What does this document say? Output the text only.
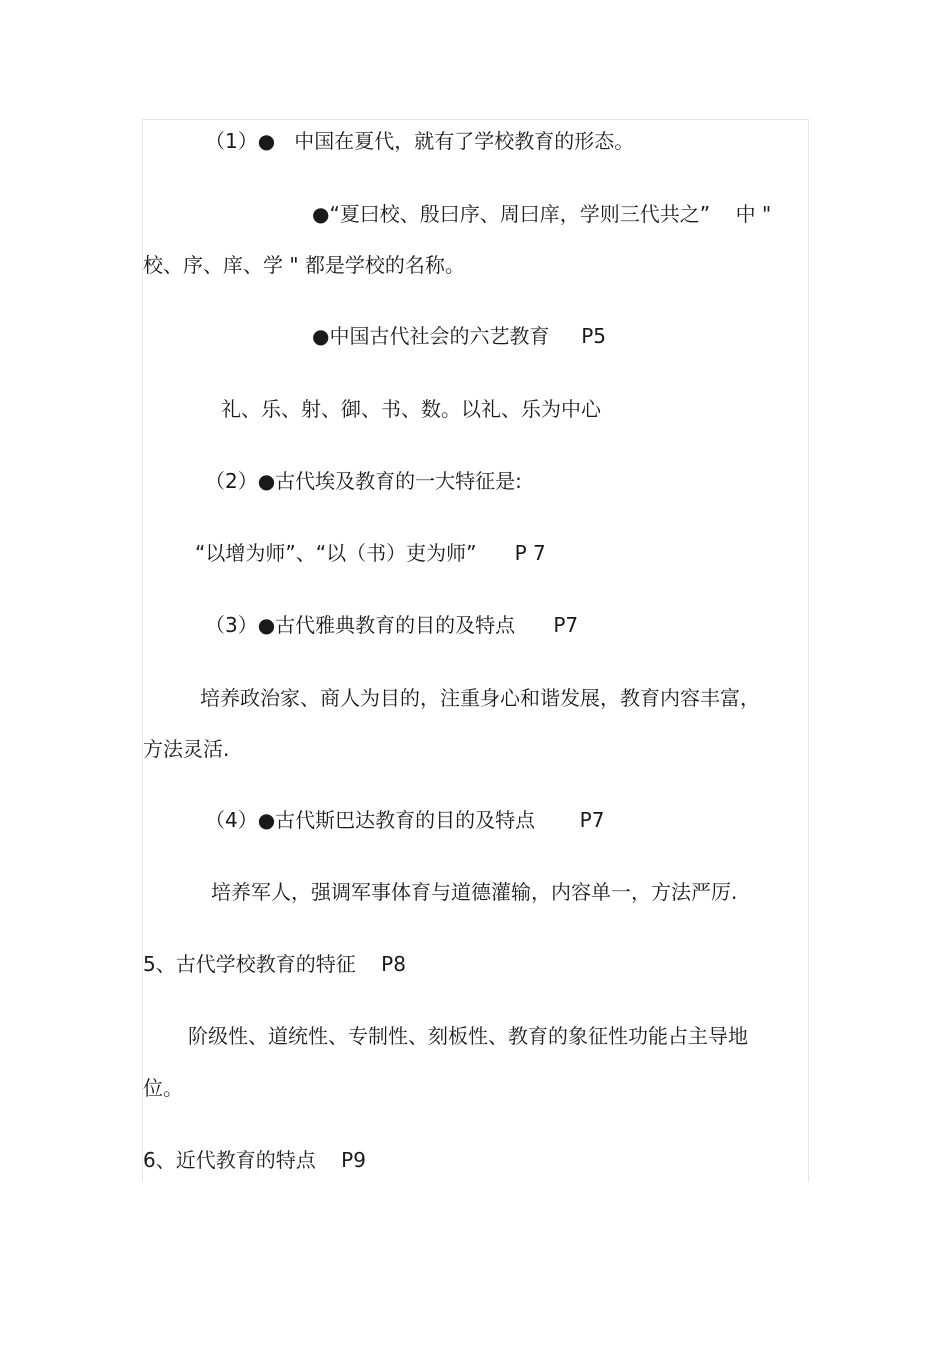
（1）●   中国在夏代，就有了学校教育的形态。
●“夏曰校、殷曰序、周曰庠，学则三代共之”    中 "
校、序、庠、学 " 都是学校的名称。
●中国古代社会的六艺教育     P5
礼、乐、射、御、书、数。以礼、乐为中心
（2）●古代埃及教育的一大特征是:
“以增为师”、“以（书）吏为师”      P 7
（3）●古代雅典教育的目的及特点      P7
培养政治家、商人为目的，注重身心和谐发展，教育内容丰富，
方法灵活.
（4）●古代斯巴达教育的目的及特点       P7
培养军人，强调军事体育与道德灌输，内容单一，方法严厉.
5、古代学校教育的特征    P8
阶级性、道统性、专制性、刻板性、教育的象征性功能占主导地
位。
6、近代教育的特点    P9
